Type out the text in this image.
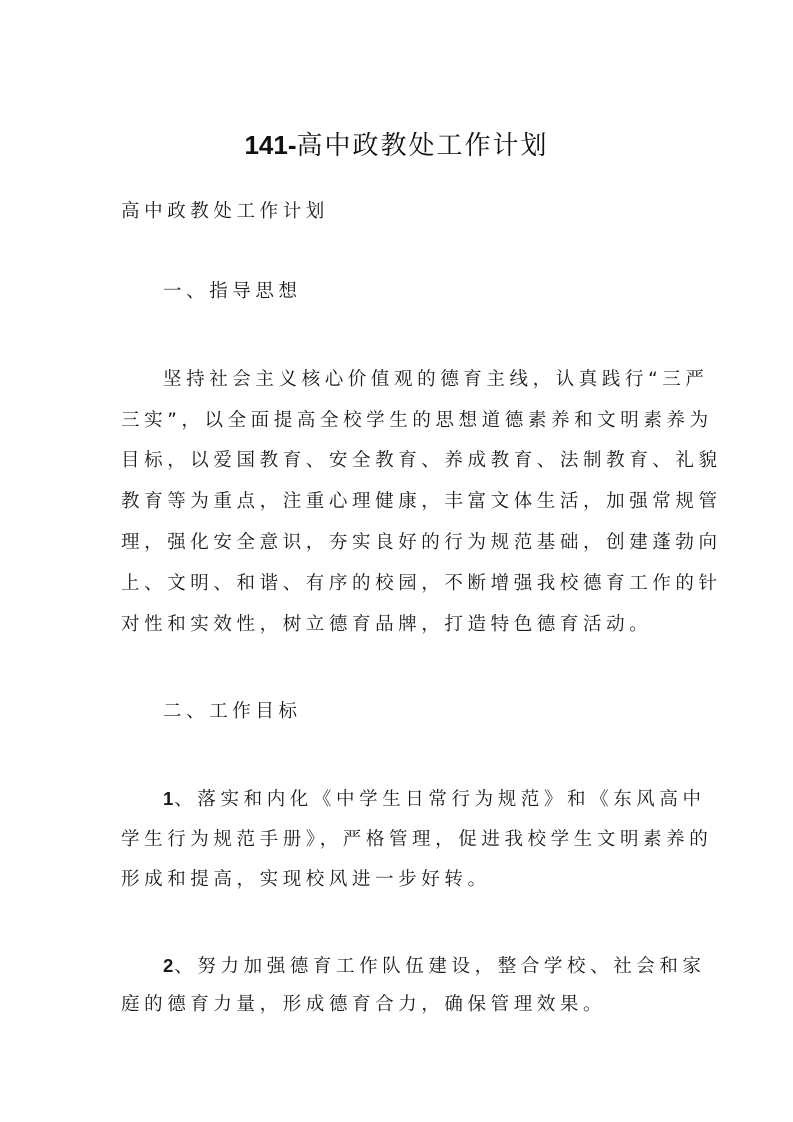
141-高中政教处工作计划
高中政教处工作计划
一、指导思想
坚持社会主义核心价值观的德育主线，认真践行“三严
三实”，以全面提高全校学生的思想道德素养和文明素养为
目标，以爱国教育、安全教育、养成教育、法制教育、礼貌
教育等为重点，注重心理健康，丰富文体生活，加强常规管
理，强化安全意识，夯实良好的行为规范基础，创建蓬勃向
上、文明、和谐、有序的校园，不断增强我校德育工作的针
对性和实效性，树立德育品牌，打造特色德育活动。
二、工作目标
1、落实和内化《中学生日常行为规范》和《东风高中
学生行为规范手册》，严格管理，促进我校学生文明素养的
形成和提高，实现校风进一步好转。
2、努力加强德育工作队伍建设，整合学校、社会和家
庭的德育力量，形成德育合力，确保管理效果。
